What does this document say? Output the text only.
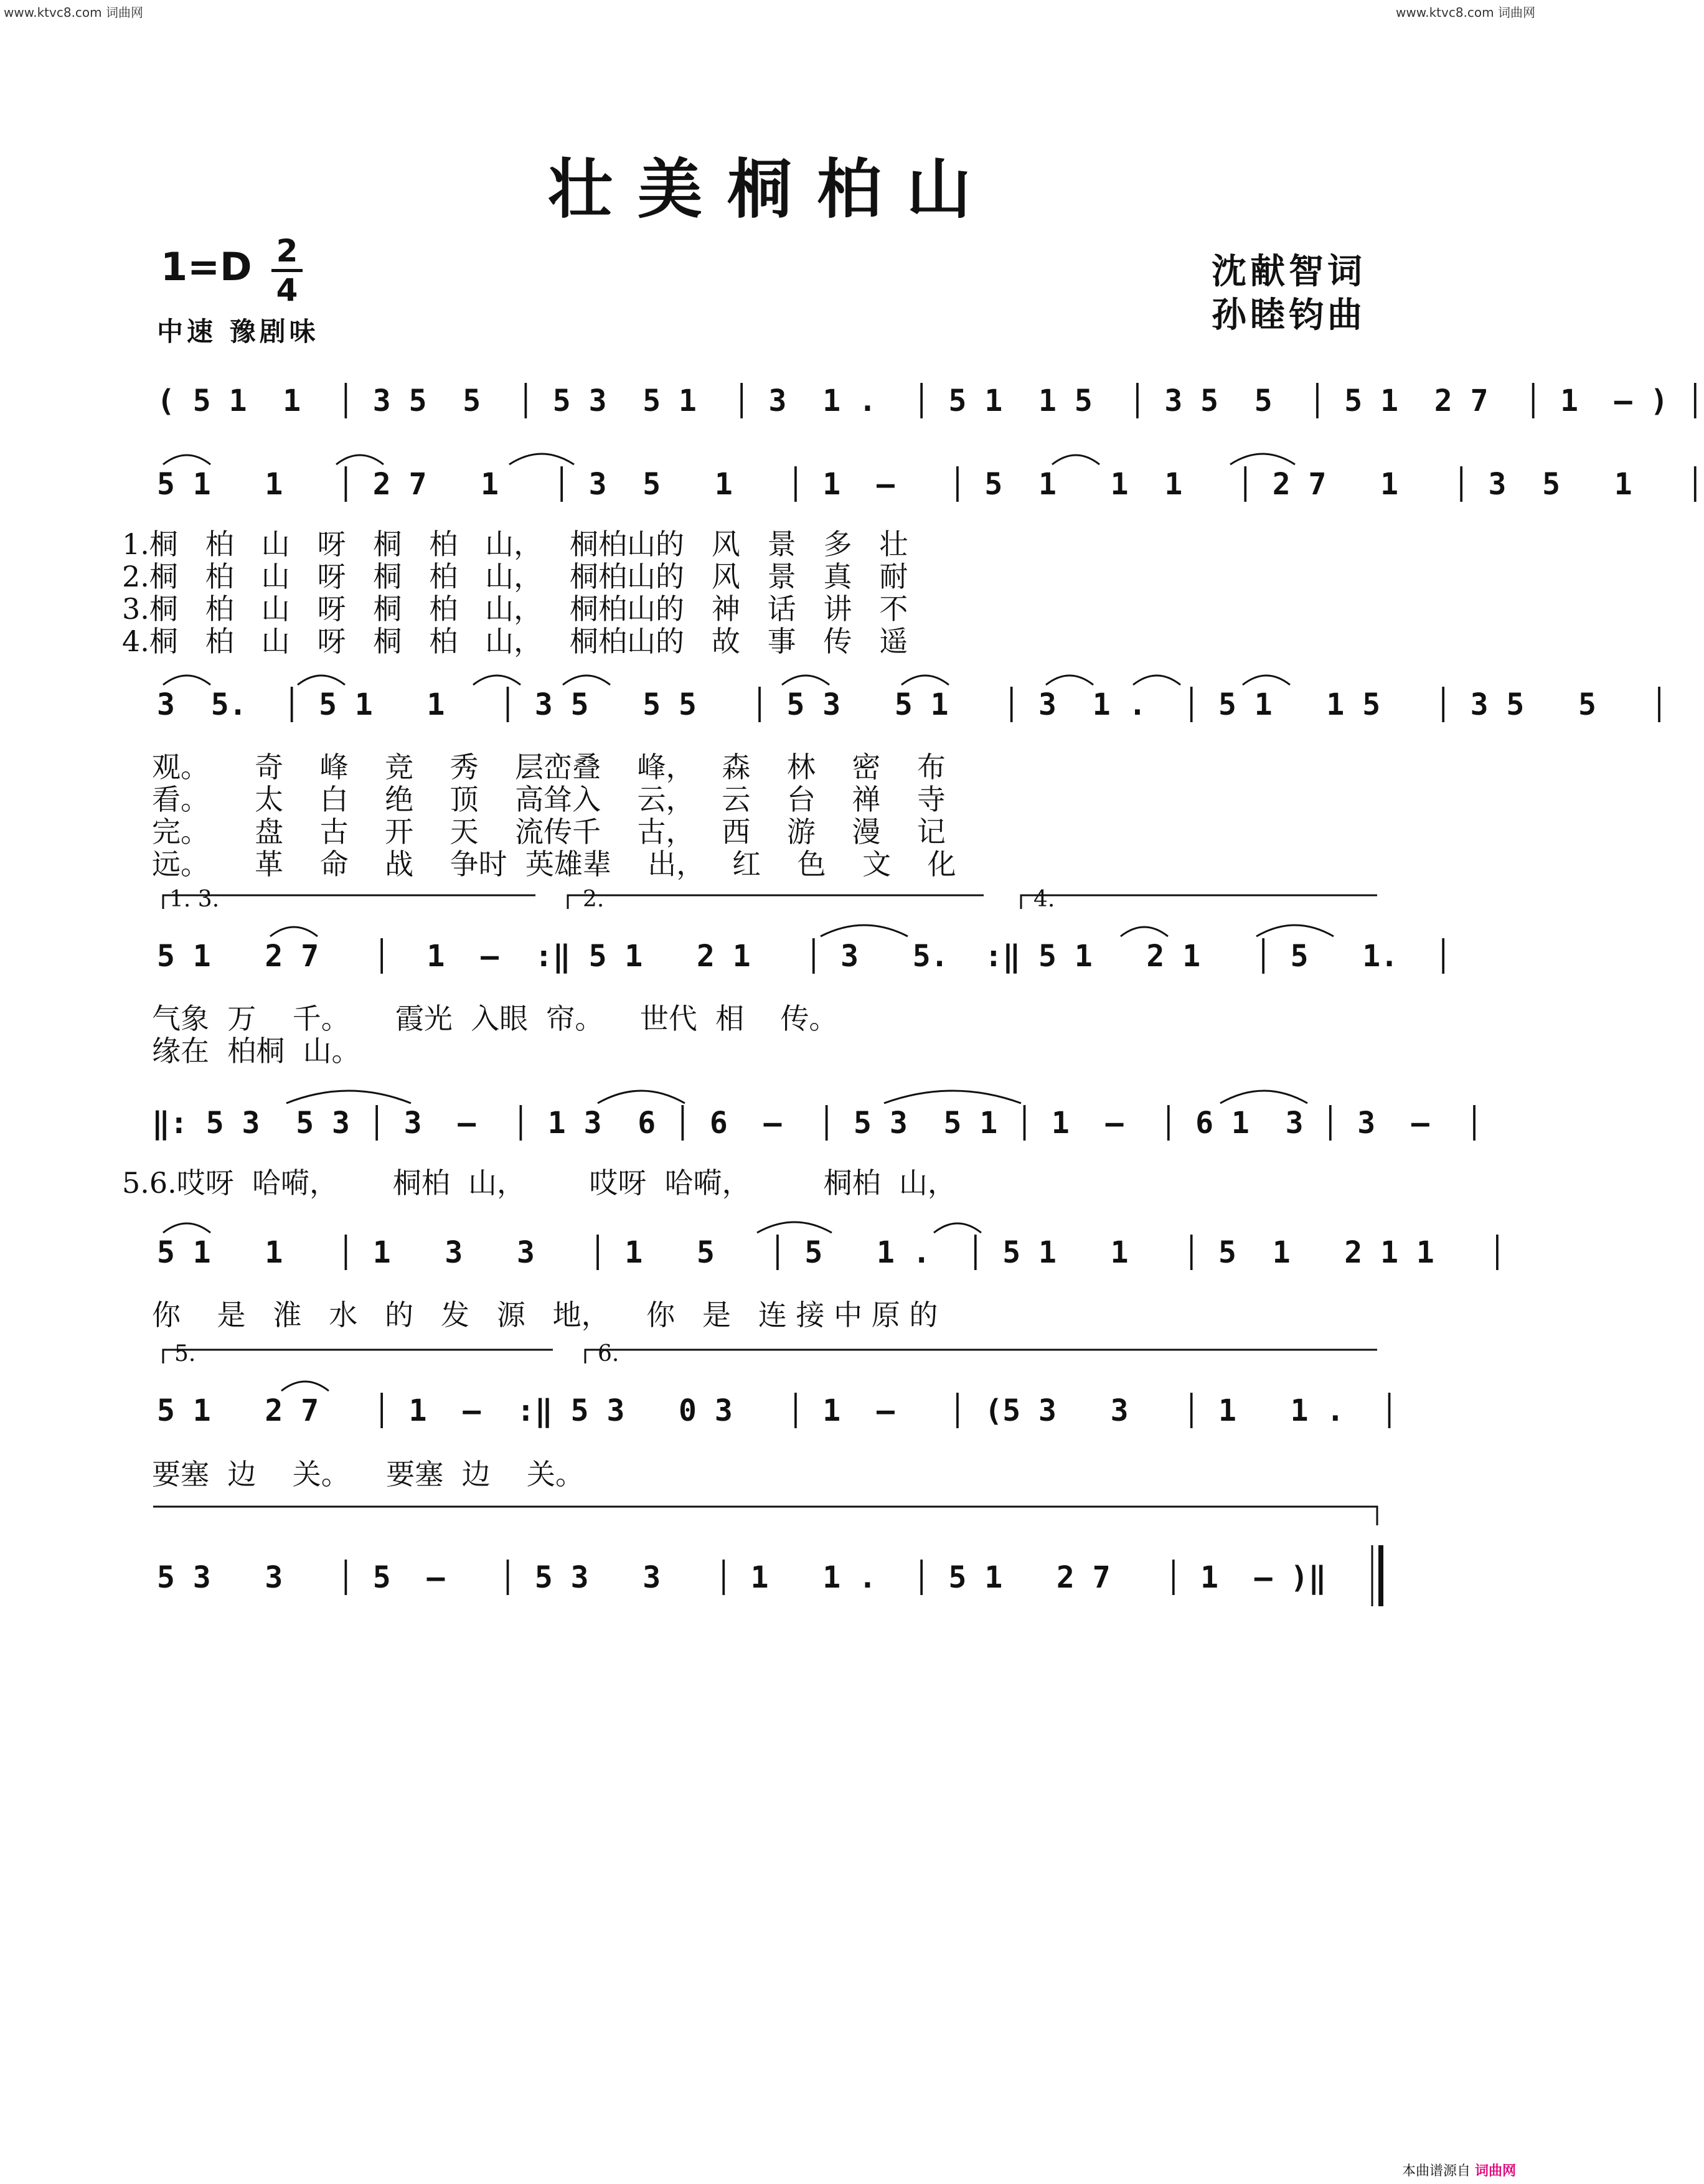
www.ktvc8.com 词曲网	www.ktvc8.com 词曲网
壮美桐柏山
1=D 2
4
中速 豫剧味
沈献智词
孙睦钧曲
( 5 1  1  │ 3 5  5  │ 5 3  5 1  │ 3  1 .  │ 5 1  1 5  │ 3 5  5  │ 5 1  2 7  │ 1  – ) │
5 1   1   │ 2 7   1   │ 3  5   1   │ 1  –   │ 5  1   1  1   │ 2 7   1   │ 3  5   1   │
1.桐   柏   山   呀   桐   柏   山，   桐柏山的   风   景   多   壮
2.桐   柏   山   呀   桐   柏   山，   桐柏山的   风   景   真   耐
3.桐   柏   山   呀   桐   柏   山，   桐柏山的   神   话   讲   不
4.桐   柏   山   呀   桐   柏   山，   桐柏山的   故   事   传   遥
3  5.  │ 5 1   1   │ 3 5   5 5   │ 5 3   5 1   │ 3  1 .  │ 5 1   1 5   │ 3 5   5   │
观。     奇    峰    竞    秀    层峦叠    峰，   森    林    密    布
看。     太    白    绝    顶    高耸入    云，   云    台    禅    寺
完。     盘    古    开    天    流传千    古，   西    游    漫    记
远。     革    命    战    争时  英雄辈    出，   红    色    文    化
1. 3.	2.	4.
5 1   2 7   │  1  –  :‖ 5 1   2 1   │ 3   5.  :‖ 5 1   2 1   │ 5   1.  │
气象  万    千。     霞光  入眼  帘。    世代  相    传。
缘在  柏桐  山。
‖: 5 3  5 3 │ 3  –  │ 1 3  6 │ 6  –  │ 5 3  5 1 │ 1  –  │ 6 1  3 │ 3  –  │
5.6.哎呀  哈嗬，      桐柏  山，       哎呀  哈嗬，        桐柏  山，
5 1   1   │ 1   3   3   │ 1   5   │ 5   1 .  │ 5 1   1   │ 5  1   2 1 1   │
你    是   淮   水   的   发   源   地，    你   是   连 接 中 原 的
5.	6.
5 1   2 7   │ 1  –  :‖ 5 3   0 3   │ 1  –   │ (5 3   3   │ 1   1 .  │
要塞  边    关。    要塞  边    关。
5 3   3   │ 5  –   │ 5 3   3   │ 1   1 .  │ 5 1   2 7   │ 1  – )‖
本曲谱源自 词曲网
